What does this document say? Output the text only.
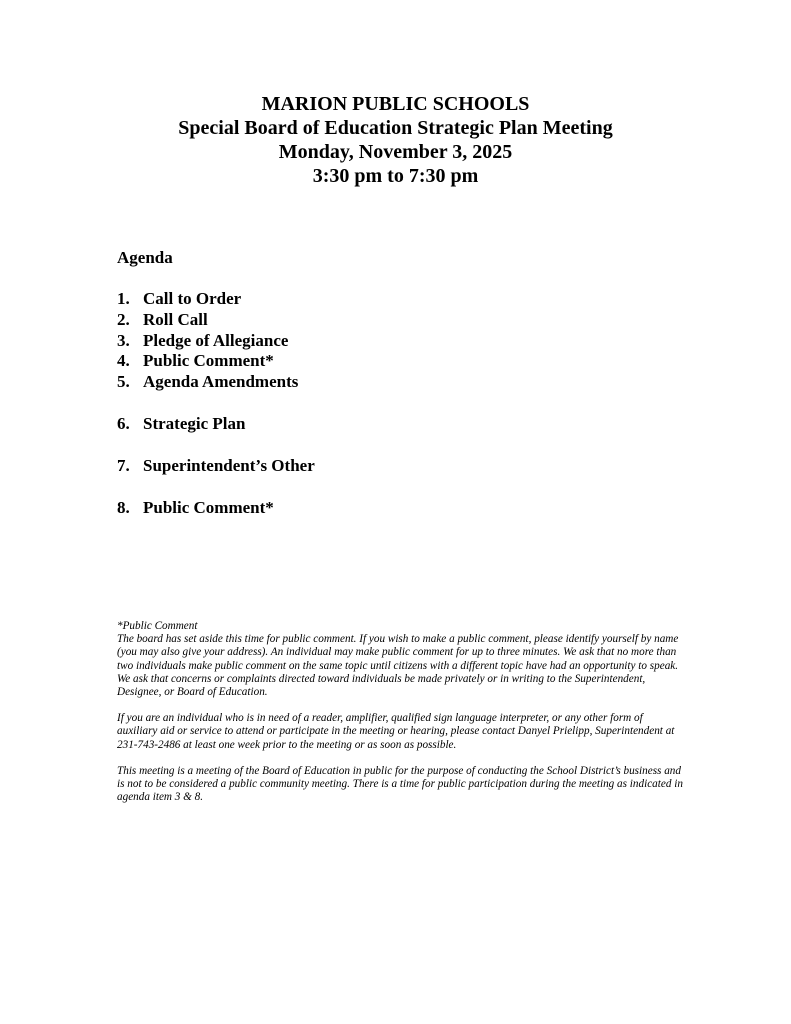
MARION PUBLIC SCHOOLS
Special Board of Education Strategic Plan Meeting
Monday, November 3, 2025
3:30 pm to 7:30 pm
Agenda
1. Call to Order
2. Roll Call
3. Pledge of Allegiance
4. Public Comment*
5. Agenda Amendments
6. Strategic Plan
7. Superintendent’s Other
8. Public Comment*

*Public Comment

The board has set aside this time for public comment. If you wish to make a public comment, please identify yourself by name (you may also give your address). An individual may make public comment for up to three minutes. We ask that no more than two individuals make public comment on the same topic until citizens with a different topic have had an opportunity to speak. We ask that concerns or complaints directed toward individuals be made privately or in writing to the Superintendent, Designee, or Board of Education.

If you are an individual who is in need of a reader, amplifier, qualified sign language interpreter, or any other form of auxiliary aid or service to attend or participate in the meeting or hearing, please contact Danyel Prielipp, Superintendent at 231-743-2486 at least one week prior to the meeting or as soon as possible.

This meeting is a meeting of the Board of Education in public for the purpose of conducting the School District’s business and is not to be considered a public community meeting. There is a time for public participation during the meeting as indicated in agenda item 3 & 8.
